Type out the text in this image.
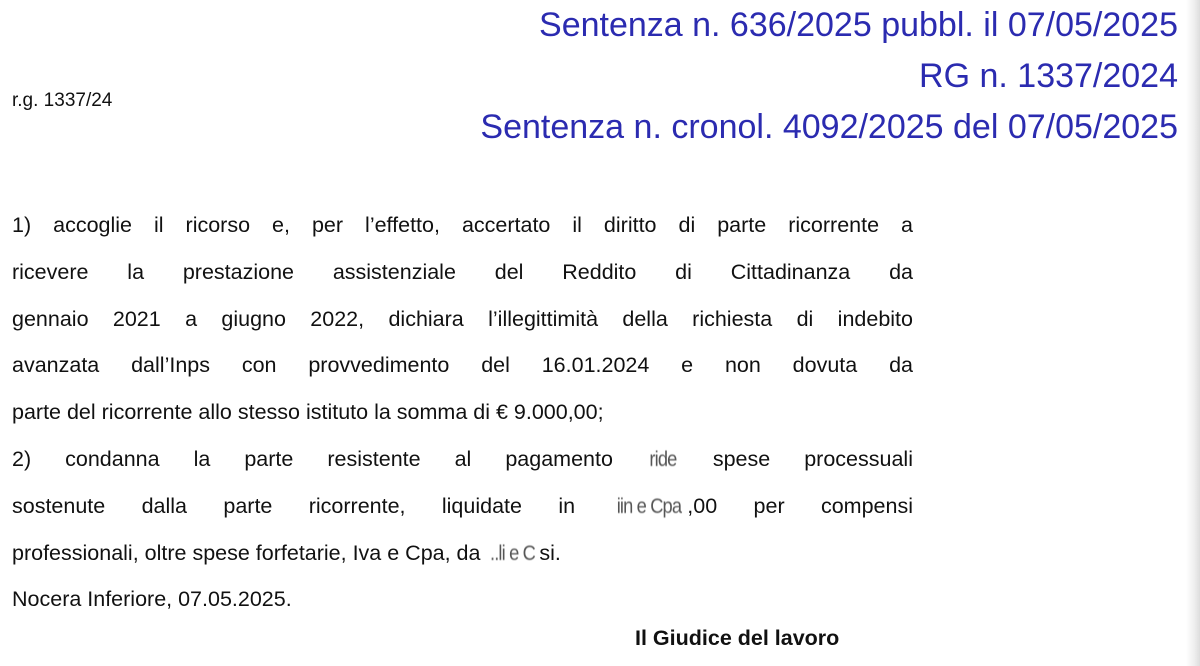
Sentenza n. 636/2025 pubbl. il 07/05/2025
RG n. 1337/2024
Sentenza n. cronol. 4092/2025 del 07/05/2025
r.g. 1337/24
1) accoglie il ricorso e, per l’effetto, accertato il diritto di parte ricorrente a
ricevere la prestazione assistenziale del Reddito di Cittadinanza da
gennaio 2021 a giugno 2022, dichiara l’illegittimità della richiesta di indebito
avanzata dall’Inps con provvedimento del 16.01.2024 e non dovuta da
parte del ricorrente allo stesso istituto la somma di € 9.000,00;
2) condanna la parte resistente al pagamento ride spese processuali
sostenute dalla parte ricorrente, liquidate in iin e Cpa ,00 per compensi
professionali, oltre spese forfetarie, Iva e Cpa, da ..li e C si.
Nocera Inferiore, 07.05.2025.
Il Giudice del lavoro
